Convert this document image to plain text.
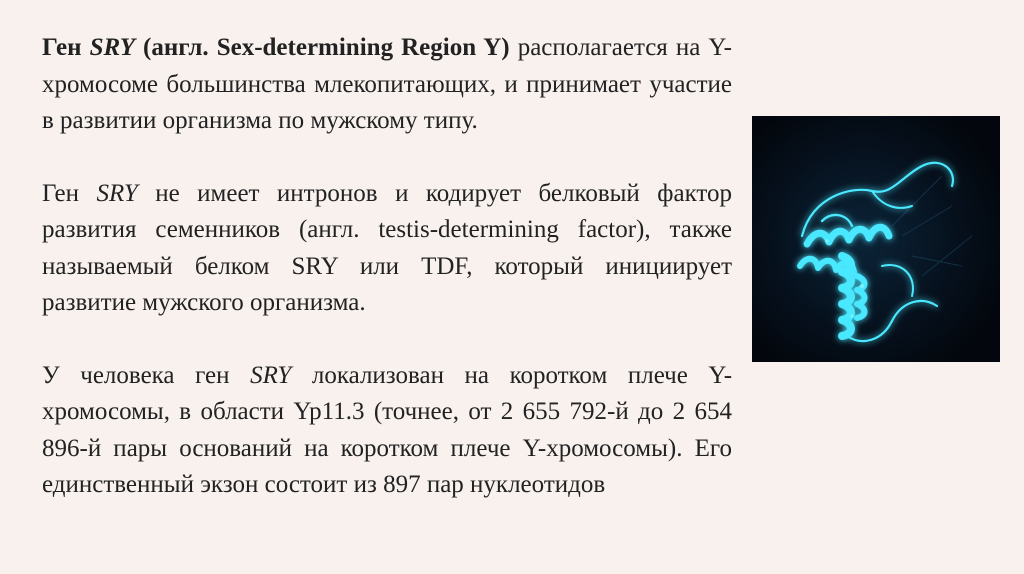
Ген SRY (англ. Sex-determining Region Y) располагается на Y-хромосоме большинства млекопитающих, и принимает участие в развитии организма по мужскому типу.

Ген SRY не имеет интронов и кодирует белковый фактор развития семенников (англ. testis-determining factor), также называемый белком SRY или TDF, который инициирует развитие мужского организма.

У человека ген SRY локализован на коротком плече Y-хромосомы, в области Yp11.3 (точнее, от 2 655 792-й до 2 654 896-й пары оснований на коротком плече Y-хромосомы). Его единственный экзон состоит из 897 пар нуклеотидов
